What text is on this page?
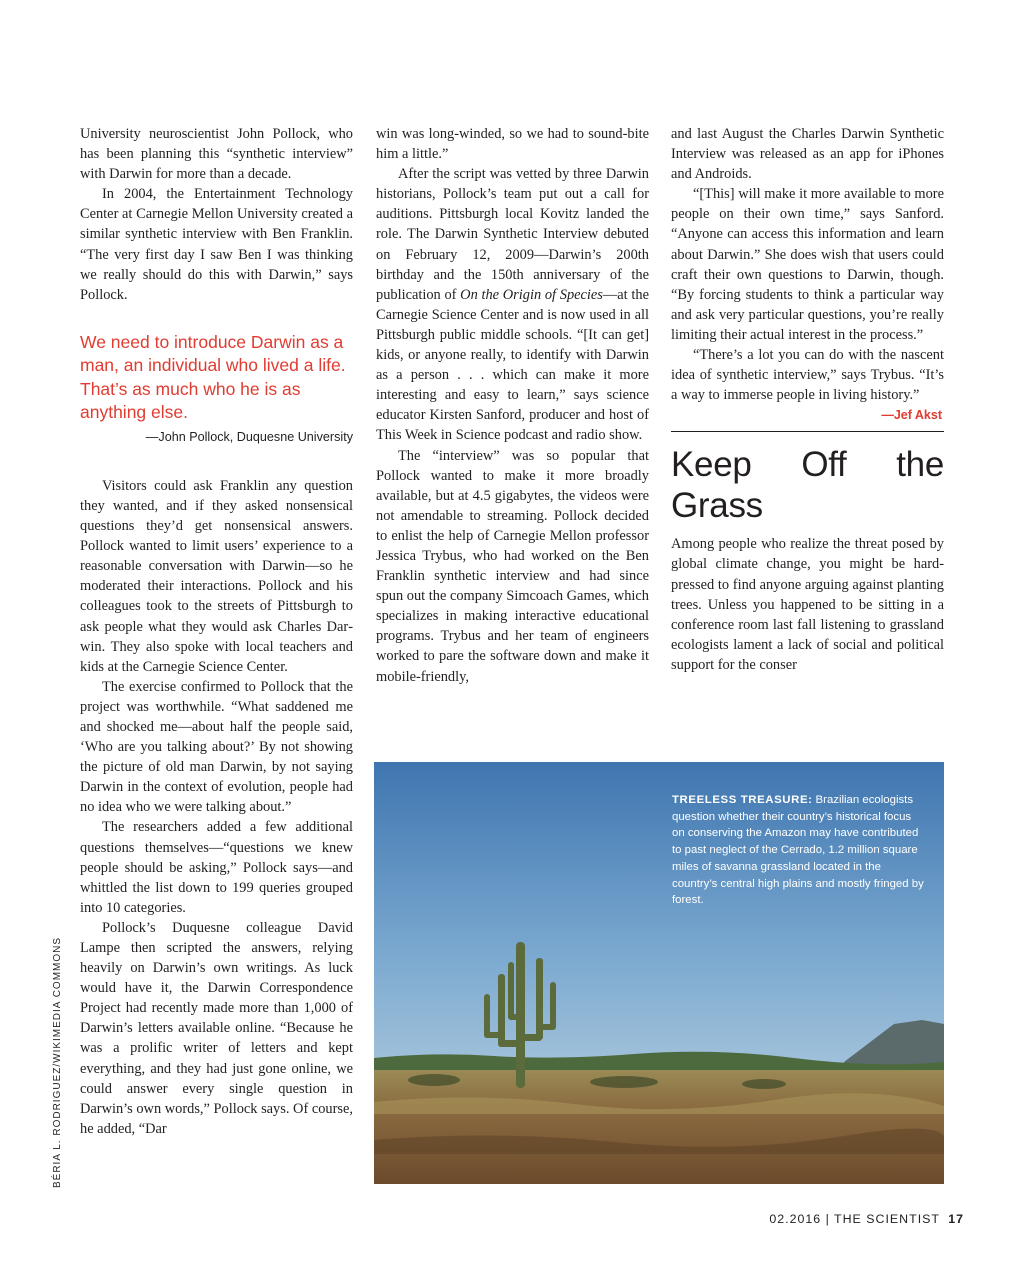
University neuroscientist John Pollock, who has been planning this “synthetic interview” with Darwin for more than a decade.

In 2004, the Entertainment Technology Center at Carnegie Mellon University created a similar synthetic interview with Ben Franklin. “The very first day I saw Ben I was thinking we really should do this with Darwin,” says Pollock.

We need to introduce Darwin as a man, an individual who lived a life. That’s as much who he is as anything else.
—John Pollock, Duquesne University

Visitors could ask Franklin any question they wanted, and if they asked nonsensical questions they’d get nonsensical answers. Pollock wanted to limit users’ experience to a reasonable conversation with Darwin—so he moderated their interactions. Pollock and his colleagues took to the streets of Pittsburgh to ask people what they would ask Charles Darwin. They also spoke with local teachers and kids at the Carnegie Science Center.

The exercise confirmed to Pollock that the project was worthwhile. “What saddened me and shocked me—about half the people said, ‘Who are you talking about?’ By not showing the picture of old man Darwin, by not saying Darwin in the context of evolution, people had no idea who we were talking about.”

The researchers added a few additional questions themselves—“questions we knew people should be asking,” Pollock says—and whittled the list down to 199 queries grouped into 10 categories.

Pollock’s Duquesne colleague David Lampe then scripted the answers, relying heavily on Darwin’s own writings. As luck would have it, the Darwin Correspondence Project had recently made more than 1,000 of Darwin’s letters available online. “Because he was a prolific writer of letters and kept everything, and they had just gone online, we could answer every single question in Darwin’s own words,” Pollock says. Of course, he added, “Dar

win was long-winded, so we had to sound-bite him a little.”

After the script was vetted by three Darwin historians, Pollock’s team put out a call for auditions. Pittsburgh local Kovitz landed the role. The Darwin Synthetic Interview debuted on February 12, 2009—Darwin’s 200th birthday and the 150th anniversary of the publication of On the Origin of Species—at the Carnegie Science Center and is now used in all Pittsburgh public middle schools. “[It can get] kids, or anyone really, to identify with Darwin as a person . . . which can make it more interesting and easy to learn,” says science educator Kirsten Sanford, producer and host of This Week in Science podcast and radio show.

The “interview” was so popular that Pollock wanted to make it more broadly available, but at 4.5 gigabytes, the videos were not amendable to streaming. Pollock decided to enlist the help of Carnegie Mellon professor Jessica Trybus, who had worked on the Ben Franklin synthetic interview and had since spun out the company Simcoach Games, which specializes in making interactive educational programs. Trybus and her team of engineers worked to pare the software down and make it mobile-friendly,

and last August the Charles Darwin Synthetic Interview was released as an app for iPhones and Androids.

“[This] will make it more available to more people on their own time,” says Sanford. “Anyone can access this information and learn about Darwin.” She does wish that users could craft their own questions to Darwin, though. “By forcing students to think a particular way and ask very particular questions, you’re really limiting their actual interest in the process.”

“There’s a lot you can do with the nascent idea of synthetic interview,” says Trybus. “It’s a way to immerse people in living history.”
—Jef Akst

Keep Off the Grass

Among people who realize the threat posed by global climate change, you might be hard-pressed to find anyone arguing against planting trees. Unless you happened to be sitting in a conference room last fall listening to grassland ecologists lament a lack of social and political support for the conser

TREELESS TREASURE: Brazilian ecologists question whether their country’s historical focus on conserving the Amazon may have contributed to past neglect of the Cerrado, 1.2 million square miles of savanna grassland located in the country’s central high plains and mostly fringed by forest.
BÉRIA L. RODRIGUEZ/WIKIMEDIA COMMONS
02.2016 | THE SCIENTIST 17
